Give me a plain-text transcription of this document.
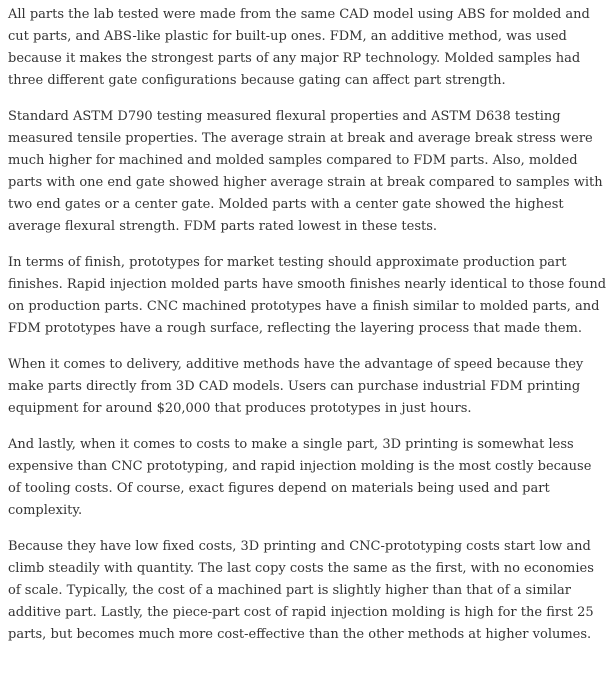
All parts the lab tested were made from the same CAD model using ABS for molded and cut parts, and ABS-like plastic for built-up ones. FDM, an additive method, was used because it makes the strongest parts of any major RP technology. Molded samples had three different gate configurations because gating can affect part strength.

Standard ASTM D790 testing measured flexural properties and ASTM D638 testing measured tensile properties. The average strain at break and average break stress were much higher for machined and molded samples compared to FDM parts. Also, molded parts with one end gate showed higher average strain at break compared to samples with two end gates or a center gate. Molded parts with a center gate showed the highest average flexural strength. FDM parts rated lowest in these tests.

In terms of finish, prototypes for market testing should approximate production part finishes. Rapid injection molded parts have smooth finishes nearly identical to those found on production parts. CNC machined prototypes have a finish similar to molded parts, and FDM prototypes have a rough surface, reflecting the layering process that made them.

When it comes to delivery, additive methods have the advantage of speed because they make parts directly from 3D CAD models. Users can purchase industrial FDM printing equipment for around $20,000 that produces prototypes in just hours.

And lastly, when it comes to costs to make a single part, 3D printing is somewhat less expensive than CNC prototyping, and rapid injection molding is the most costly because of tooling costs. Of course, exact figures depend on materials being used and part complexity.

Because they have low fixed costs, 3D printing and CNC-prototyping costs start low and climb steadily with quantity. The last copy costs the same as the first, with no economies of scale. Typically, the cost of a machined part is slightly higher than that of a similar additive part. Lastly, the piece-part cost of rapid injection molding is high for the first 25 parts, but becomes much more cost-effective than the other methods at higher volumes.
